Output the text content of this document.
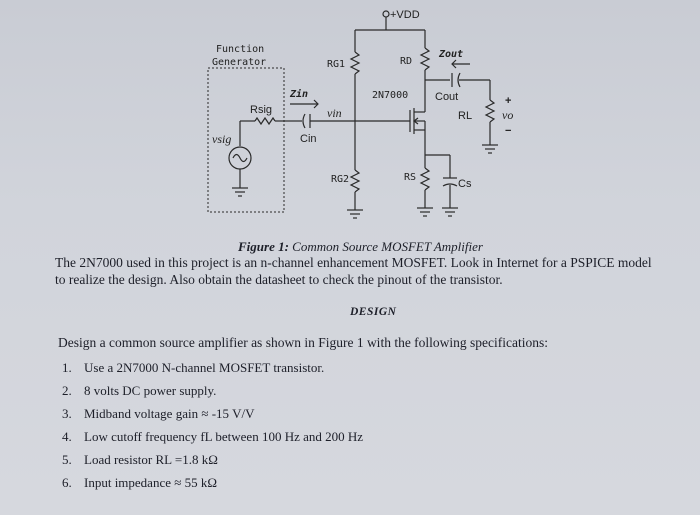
+VDD
Function
Generator	RG1	RD
Zout
Zin	2N7000 Cout
Rsig	vin	RL vo
+
−
Cin
vsig
RG2	RS
Cs
Figure 1: Common Source MOSFET Amplifier
The 2N7000 used in this project is an n-channel enhancement MOSFET. Look in Internet for a PSPICE model
to realize the design. Also obtain the datasheet to check the pinout of the transistor.
DESIGN
Design a common source amplifier as shown in Figure 1 with the following specifications:
1. Use a 2N7000 N-channel MOSFET transistor.
2. 8 volts DC power supply.
3. Midband voltage gain ≈ -15 V/V
4. Low cutoff frequency fL between 100 Hz and 200 Hz
5. Load resistor RL =1.8 kΩ
6. Input impedance ≈ 55 kΩ
